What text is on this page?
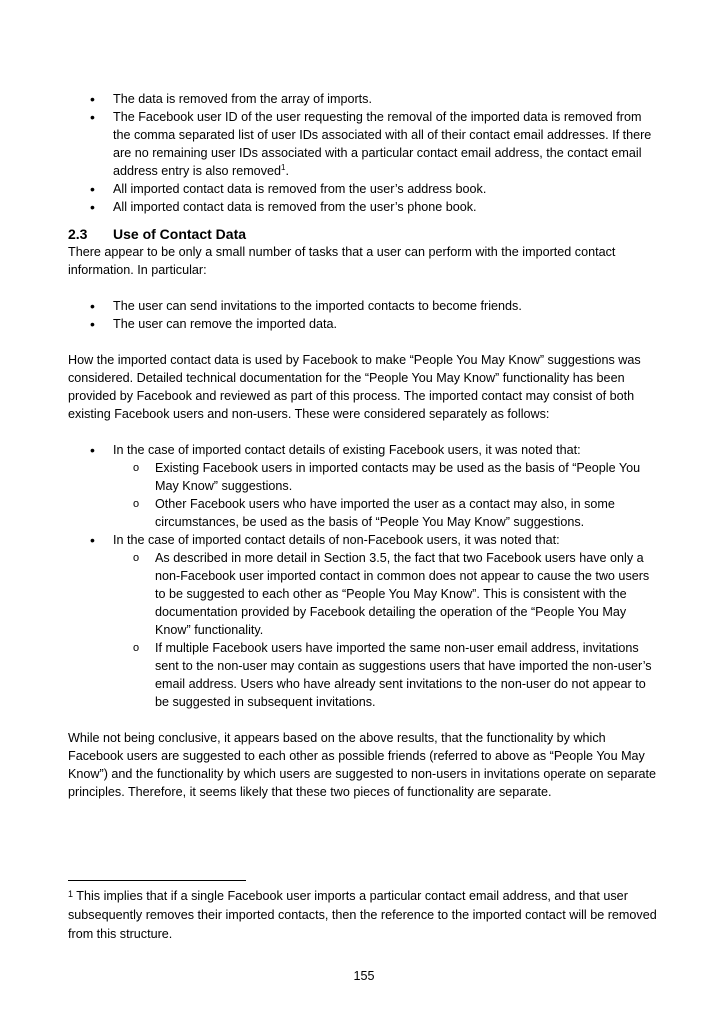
• The data is removed from the array of imports.
• The Facebook user ID of the user requesting the removal of the imported data is removed from the comma separated list of user IDs associated with all of their contact email addresses. If there are no remaining user IDs associated with a particular contact email address, the contact email address entry is also removed$^1$.
• All imported contact data is removed from the user’s address book.
• All imported contact data is removed from the user’s phone book.
2.3	Use of Contact Data

There appear to be only a small number of tasks that a user can perform with the imported contact information. In particular:

• The user can send invitations to the imported contacts to become friends.
• The user can remove the imported data.

How the imported contact data is used by Facebook to make “People You May Know” suggestions was considered. Detailed technical documentation for the “People You May Know” functionality has been provided by Facebook and reviewed as part of this process. The imported contact may consist of both existing Facebook users and non-users. These were considered separately as follows:

• In the case of imported contact details of existing Facebook users, it was noted that:
o Existing Facebook users in imported contacts may be used as the basis of “People You May Know” suggestions.
o Other Facebook users who have imported the user as a contact may also, in some circumstances, be used as the basis of “People You May Know” suggestions.
• In the case of imported contact details of non-Facebook users, it was noted that:
o As described in more detail in Section 3.5, the fact that two Facebook users have only a non-Facebook user imported contact in common does not appear to cause the two users to be suggested to each other as “People You May Know”. This is consistent with the documentation provided by Facebook detailing the operation of the “People You May Know” functionality.
o If multiple Facebook users have imported the same non-user email address, invitations sent to the non-user may contain as suggestions users that have imported the non-user’s email address. Users who have already sent invitations to the non-user do not appear to be suggested in subsequent invitations.

While not being conclusive, it appears based on the above results, that the functionality by which Facebook users are suggested to each other as possible friends (referred to above as “People You May Know”) and the functionality by which users are suggested to non-users in invitations operate on separate principles. Therefore, it seems likely that these two pieces of functionality are separate.

$^1$ This implies that if a single Facebook user imports a particular contact email address, and that user subsequently removes their imported contacts, then the reference to the imported contact will be removed from this structure.
155
